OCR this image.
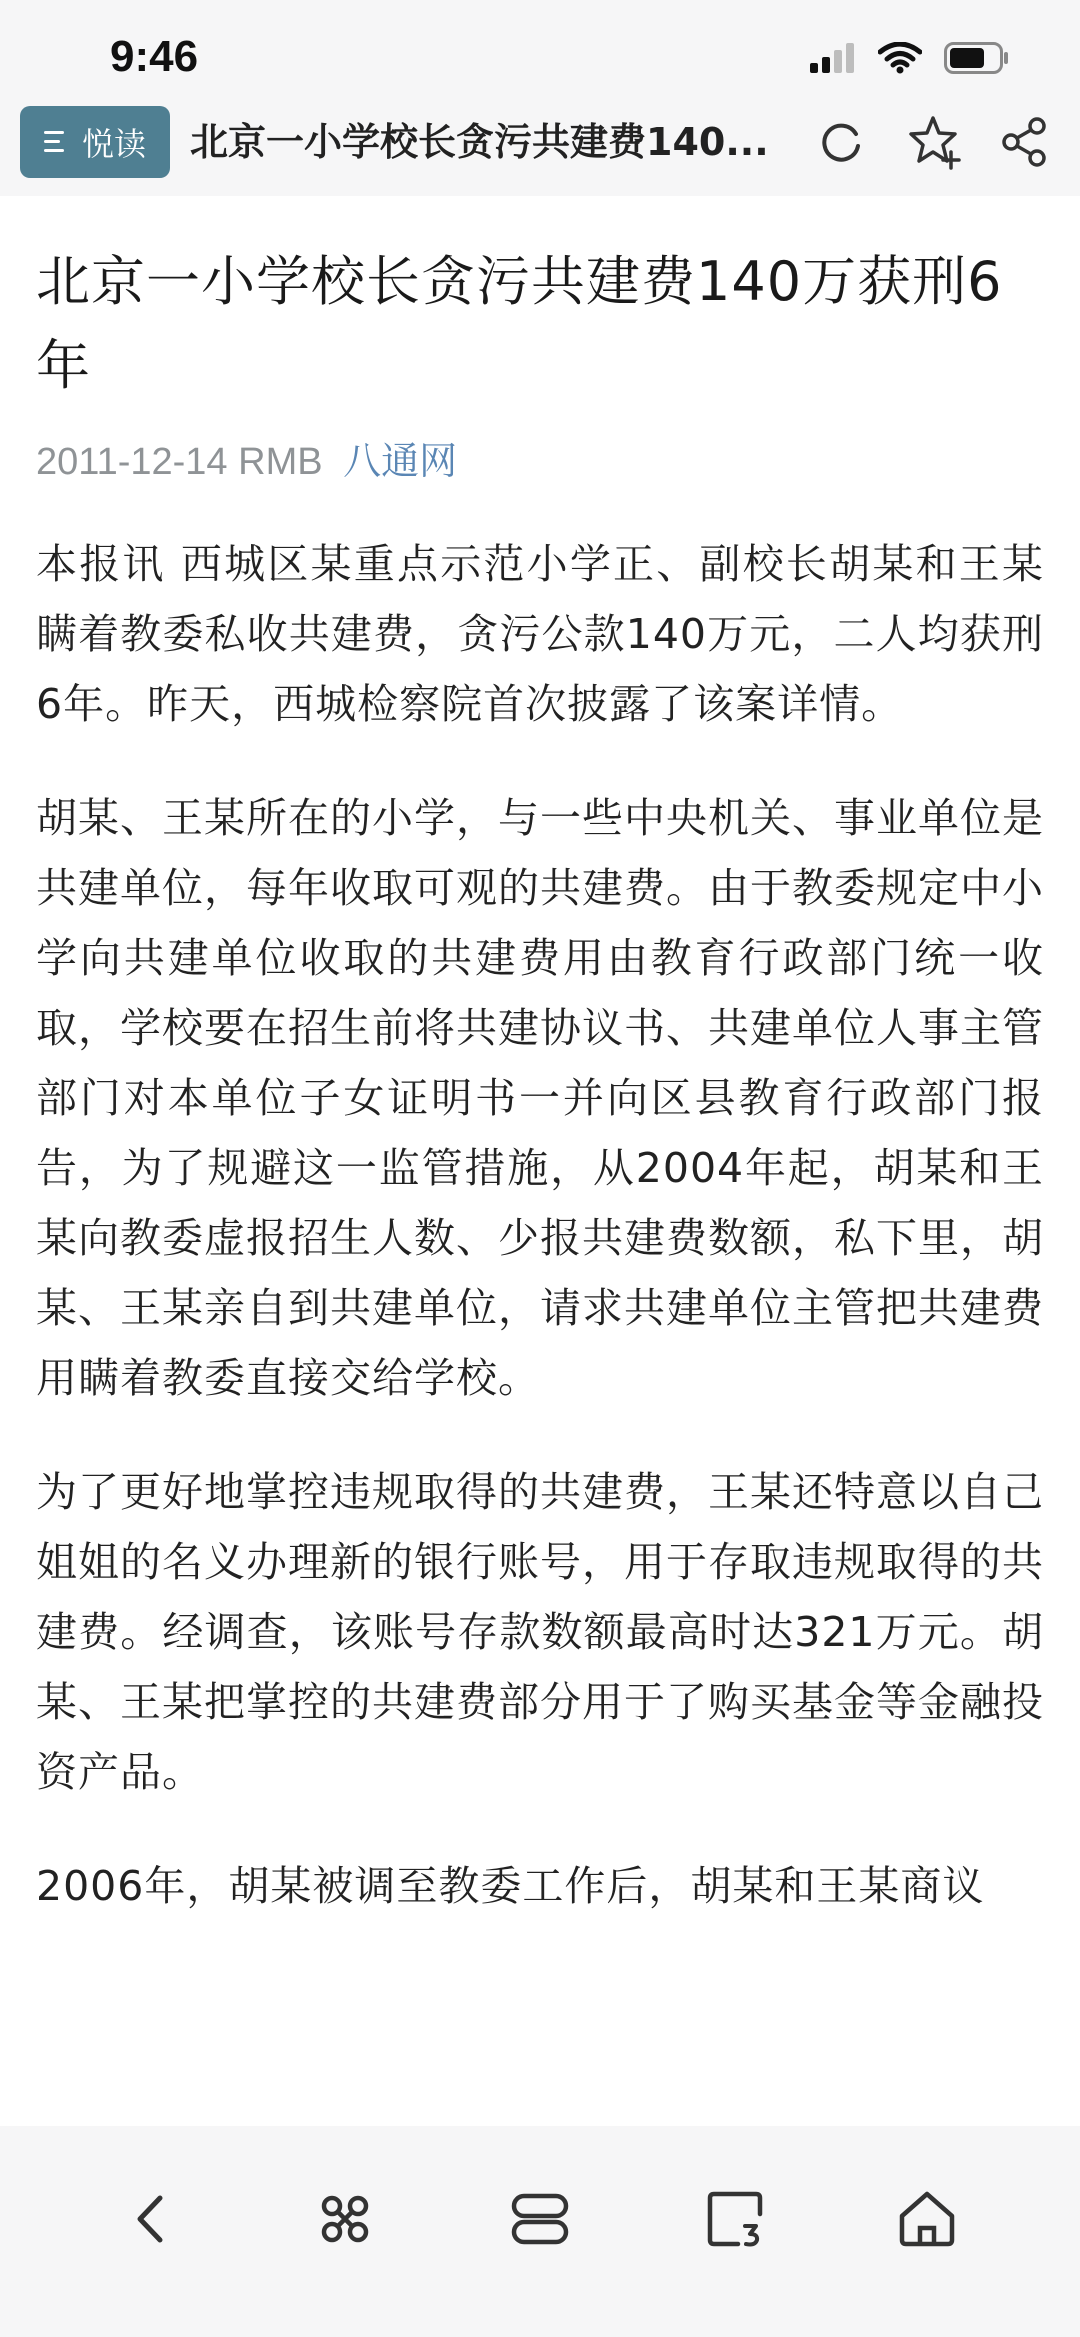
9:46
悦读 北京一小学校长贪污共建费140...
北京一小学校长贪污共建费140万获刑6年
2011-12-14 RMB 八通网

本报讯 西城区某重点示范小学正、副校长胡某和王某瞒着教委私收共建费，贪污公款140万元，二人均获刑6年。昨天，西城检察院首次披露了该案详情。

胡某、王某所在的小学，与一些中央机关、事业单位是共建单位，每年收取可观的共建费。由于教委规定中小学向共建单位收取的共建费用由教育行政部门统一收取，学校要在招生前将共建协议书、共建单位人事主管部门对本单位子女证明书一并向区县教育行政部门报告，为了规避这一监管措施，从2004年起，胡某和王某向教委虚报招生人数、少报共建费数额，私下里，胡某、王某亲自到共建单位，请求共建单位主管把共建费用瞒着教委直接交给学校。

为了更好地掌控违规取得的共建费，王某还特意以自己姐姐的名义办理新的银行账号，用于存取违规取得的共建费。经调查，该账号存款数额最高时达321万元。胡某、王某把掌控的共建费部分用于了购买基金等金融投资产品。

2006年，胡某被调至教委工作后，胡某和王某商议
